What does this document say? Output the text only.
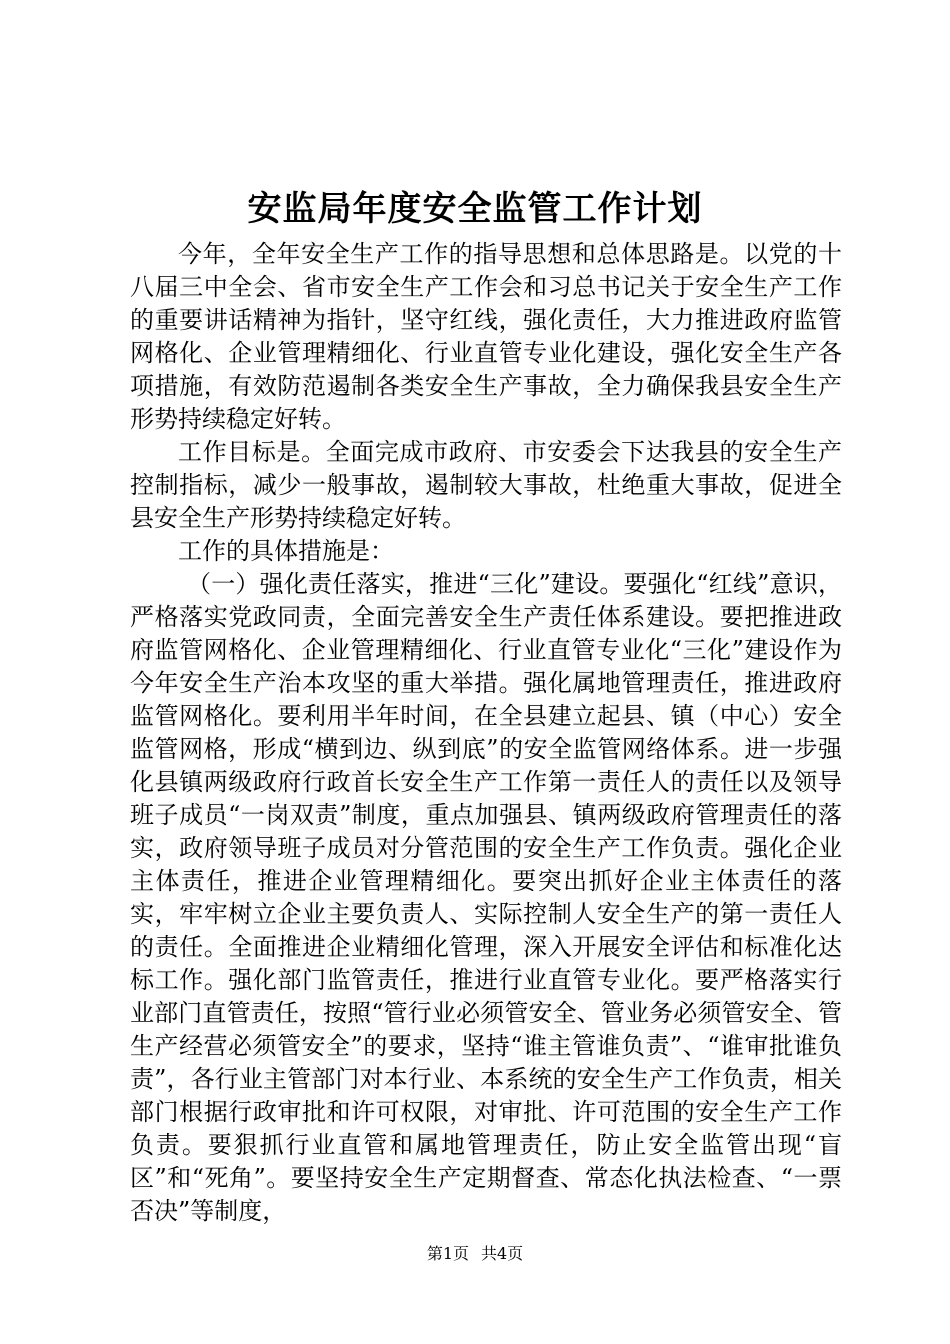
安监局年度安全监管工作计划

今年，全年安全生产工作的指导思想和总体思路是。以党的十八届三中全会、省市安全生产工作会和习总书记关于安全生产工作的重要讲话精神为指针，坚守红线，强化责任，大力推进政府监管网格化、企业管理精细化、行业直管专业化建设，强化安全生产各项措施，有效防范遏制各类安全生产事故，全力确保我县安全生产形势持续稳定好转。

工作目标是。全面完成市政府、市安委会下达我县的安全生产控制指标，减少一般事故，遏制较大事故，杜绝重大事故，促进全县安全生产形势持续稳定好转。

工作的具体措施是：

（一）强化责任落实，推进“三化”建设。要强化“红线”意识，严格落实党政同责，全面完善安全生产责任体系建设。要把推进政府监管网格化、企业管理精细化、行业直管专业化“三化”建设作为今年安全生产治本攻坚的重大举措。强化属地管理责任，推进政府监管网格化。要利用半年时间，在全县建立起县、镇（中心）安全监管网格，形成“横到边、纵到底”的安全监管网络体系。进一步强化县镇两级政府行政首长安全生产工作第一责任人的责任以及领导班子成员“一岗双责”制度，重点加强县、镇两级政府管理责任的落实，政府领导班子成员对分管范围的安全生产工作负责。强化企业主体责任，推进企业管理精细化。要突出抓好企业主体责任的落实，牢牢树立企业主要负责人、实际控制人安全生产的第一责任人的责任。全面推进企业精细化管理，深入开展安全评估和标准化达标工作。强化部门监管责任，推进行业直管专业化。要严格落实行业部门直管责任，按照“管行业必须管安全、管业务必须管安全、管生产经营必须管安全”的要求，坚持“谁主管谁负责”、“谁审批谁负责”，各行业主管部门对本行业、本系统的安全生产工作负责，相关部门根据行政审批和许可权限，对审批、许可范围的安全生产工作负责。要狠抓行业直管和属地管理责任，防止安全监管出现“盲区”和“死角”。要坚持安全生产定期督查、常态化执法检查、“一票否决”等制度，

第1页 共4页
